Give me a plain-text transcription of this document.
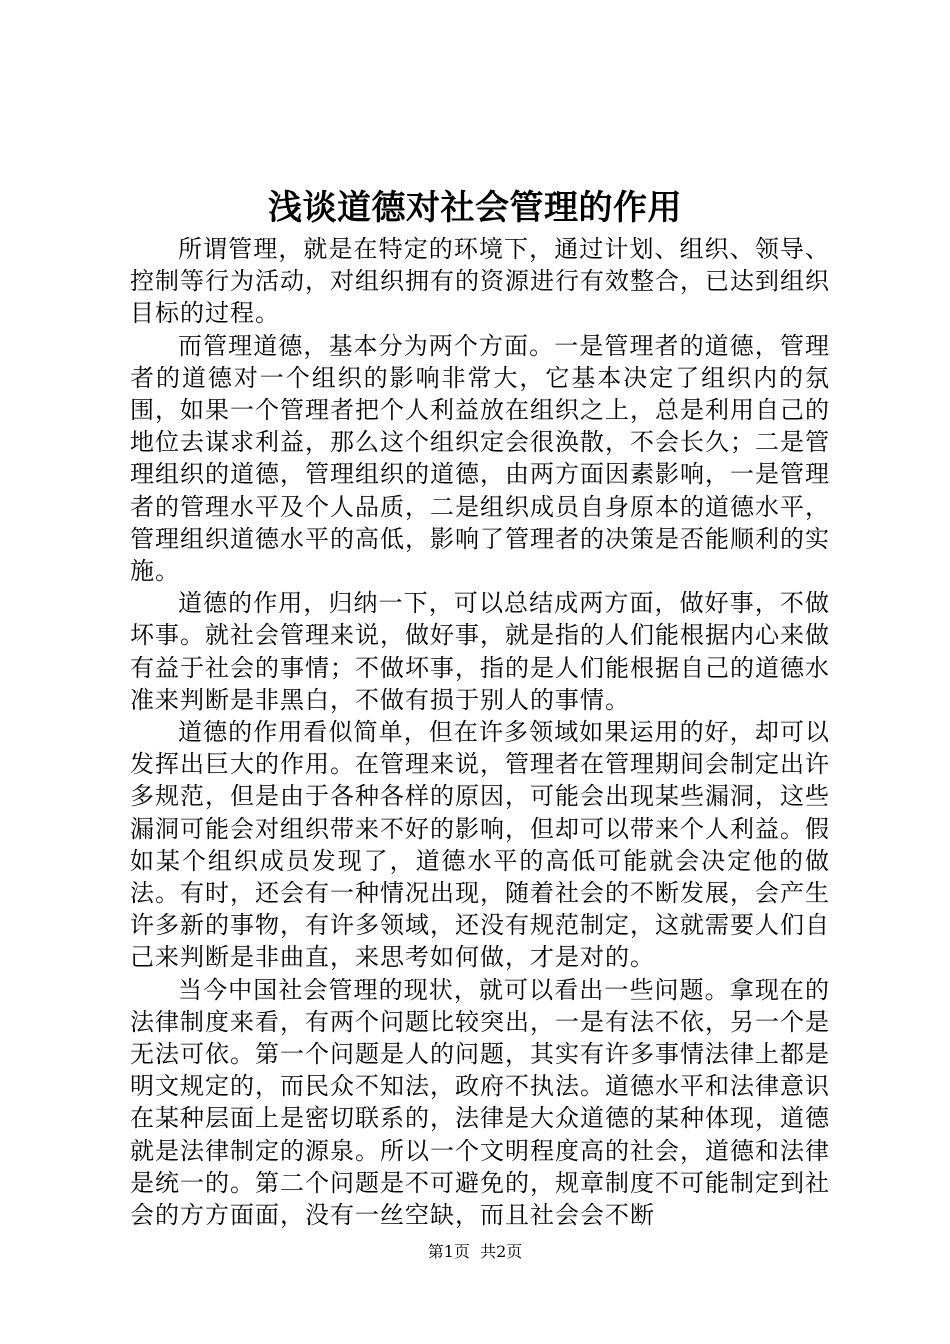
浅谈道德对社会管理的作用

所谓管理，就是在特定的环境下，通过计划、组织、领导、控制等行为活动，对组织拥有的资源进行有效整合，已达到组织目标的过程。

而管理道德，基本分为两个方面。一是管理者的道德，管理者的道德对一个组织的影响非常大，它基本决定了组织内的氛围，如果一个管理者把个人利益放在组织之上，总是利用自己的地位去谋求利益，那么这个组织定会很涣散，不会长久；二是管理组织的道德，管理组织的道德，由两方面因素影响，一是管理者的管理水平及个人品质，二是组织成员自身原本的道德水平，管理组织道德水平的高低，影响了管理者的决策是否能顺利的实施。

道德的作用，归纳一下，可以总结成两方面，做好事，不做坏事。就社会管理来说，做好事，就是指的人们能根据内心来做有益于社会的事情；不做坏事，指的是人们能根据自己的道德水准来判断是非黑白，不做有损于别人的事情。

道德的作用看似简单，但在许多领域如果运用的好，却可以发挥出巨大的作用。在管理来说，管理者在管理期间会制定出许多规范，但是由于各种各样的原因，可能会出现某些漏洞，这些漏洞可能会对组织带来不好的影响，但却可以带来个人利益。假如某个组织成员发现了，道德水平的高低可能就会决定他的做法。有时，还会有一种情况出现，随着社会的不断发展，会产生许多新的事物，有许多领域，还没有规范制定，这就需要人们自己来判断是非曲直，来思考如何做，才是对的。

当今中国社会管理的现状，就可以看出一些问题。拿现在的法律制度来看，有两个问题比较突出，一是有法不依，另一个是无法可依。第一个问题是人的问题，其实有许多事情法律上都是明文规定的，而民众不知法，政府不执法。道德水平和法律意识在某种层面上是密切联系的，法律是大众道德的某种体现，道德就是法律制定的源泉。所以一个文明程度高的社会，道德和法律是统一的。第二个问题是不可避免的，规章制度不可能制定到社会的方方面面，没有一丝空缺，而且社会会不断

第1页 共2页
